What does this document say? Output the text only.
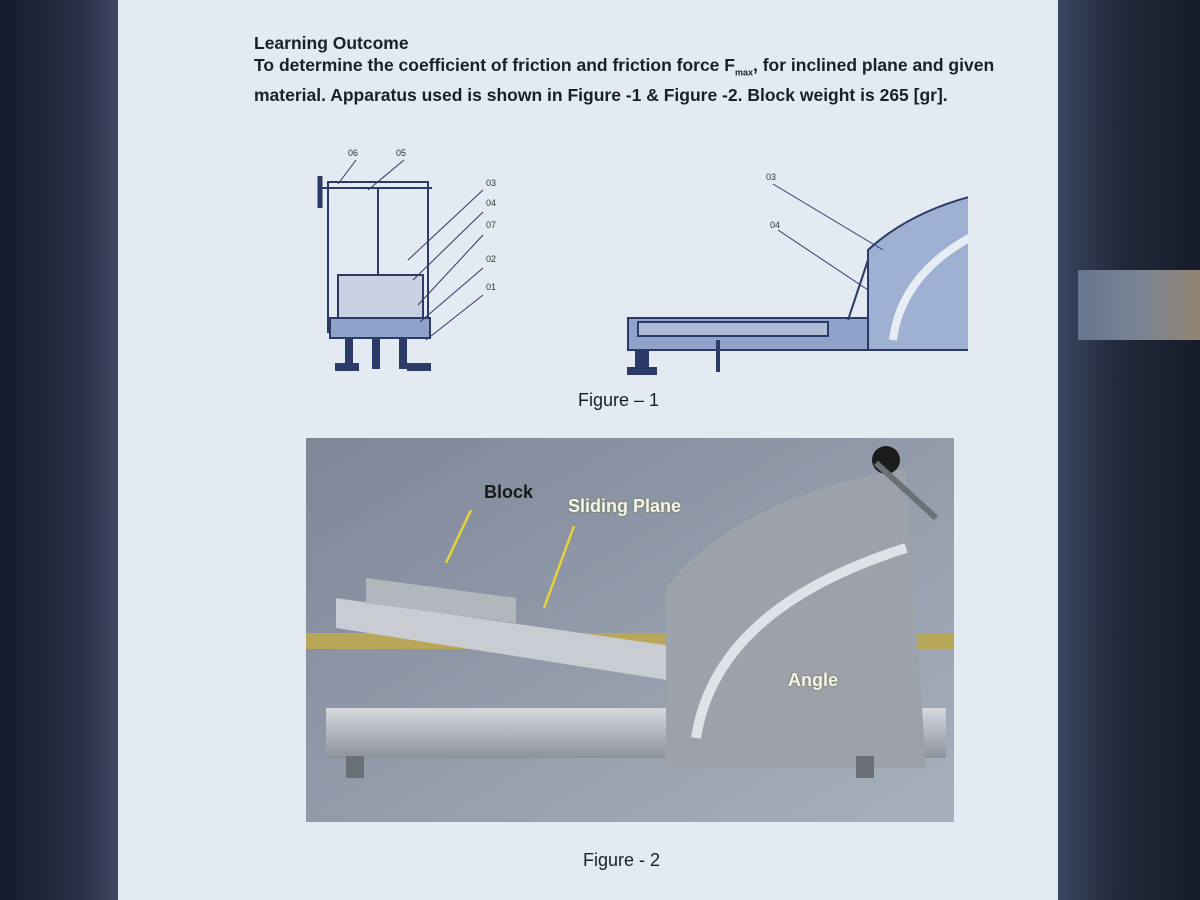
Learning Outcome
To determine the coefficient of friction and friction force $F_{max}$, for inclined plane and given material. Apparatus used is shown in Figure -1 & Figure -2. Block weight is 265 [gr].
06	05
03
04
07
02
01
03
04
Figure – 1
Block
Sliding Plane
Angle
Figure - 2
